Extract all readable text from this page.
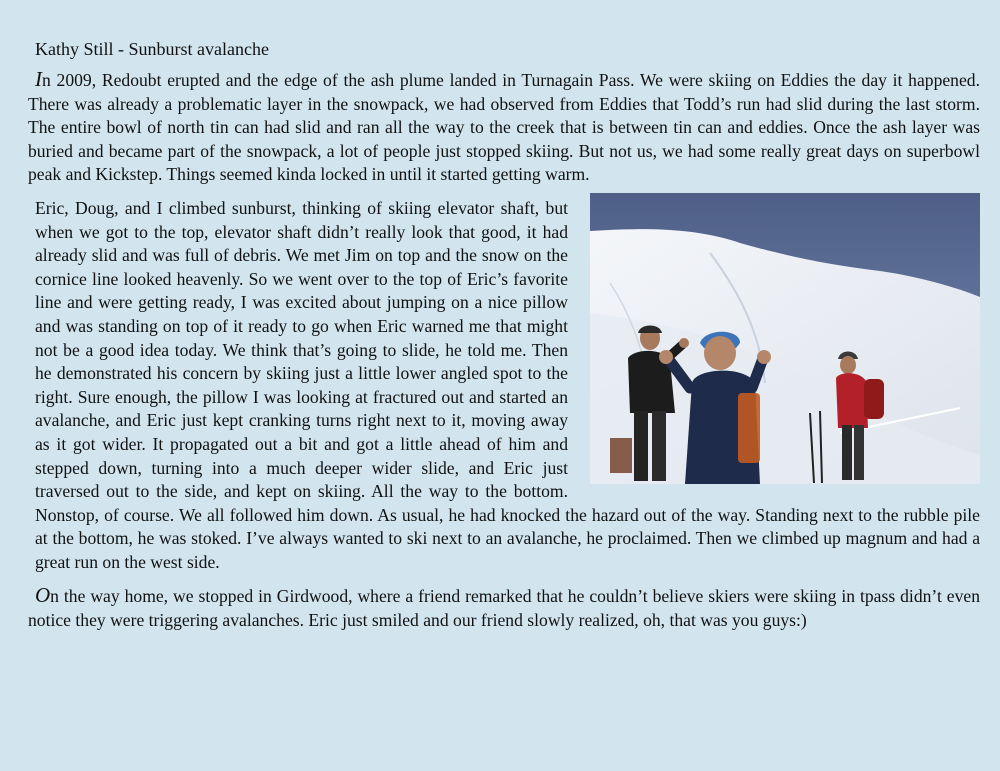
Kathy Still - Sunburst avalanche

In 2009, Redoubt erupted and the edge of the ash plume landed in Turnagain Pass. We were skiing on Eddies the day it happened. There was already a problematic layer in the snowpack, we had observed from Eddies that Todd’s run had slid during the last storm. The entire bowl of north tin can had slid and ran all the way to the creek that is between tin can and eddies. Once the ash layer was buried and became part of the snowpack, a lot of people just stopped skiing. But not us, we had some really great days on superbowl peak and Kickstep. Things seemed kinda locked in until it started getting warm.

Eric, Doug, and I climbed sunburst, thinking of skiing elevator shaft, but when we got to the top, elevator shaft didn’t really look that good, it had already slid and was full of debris. We met Jim on top and the snow on the cornice line looked heavenly. So we went over to the top of Eric’s favorite line and were getting ready, I was excited about jumping on a nice pillow and was standing on top of it ready to go when Eric warned me that might not be a good idea today. We think that’s going to slide, he told me. Then he demonstrated his concern by skiing just a little lower angled spot to the right. Sure enough, the pillow I was looking at fractured out and started an avalanche, and Eric just kept cranking turns right next to it, moving away as it got wider. It propagated out a bit and got a little ahead of him and stepped down, turning into a much deeper wider slide, and Eric just traversed out to the side, and kept on skiing. All the way to the bottom. Nonstop, of course. We all followed him down. As usual, he had knocked the hazard out of the way. Standing next to the rubble pile at the bottom, he was stoked. I’ve always wanted to ski next to an avalanche, he proclaimed. Then we climbed up magnum and had a great run on the west side.

On the way home, we stopped in Girdwood, where a friend remarked that he couldn’t believe skiers were skiing in tpass didn’t even notice they were triggering avalanches. Eric just smiled and our friend slowly realized, oh, that was you guys:)
